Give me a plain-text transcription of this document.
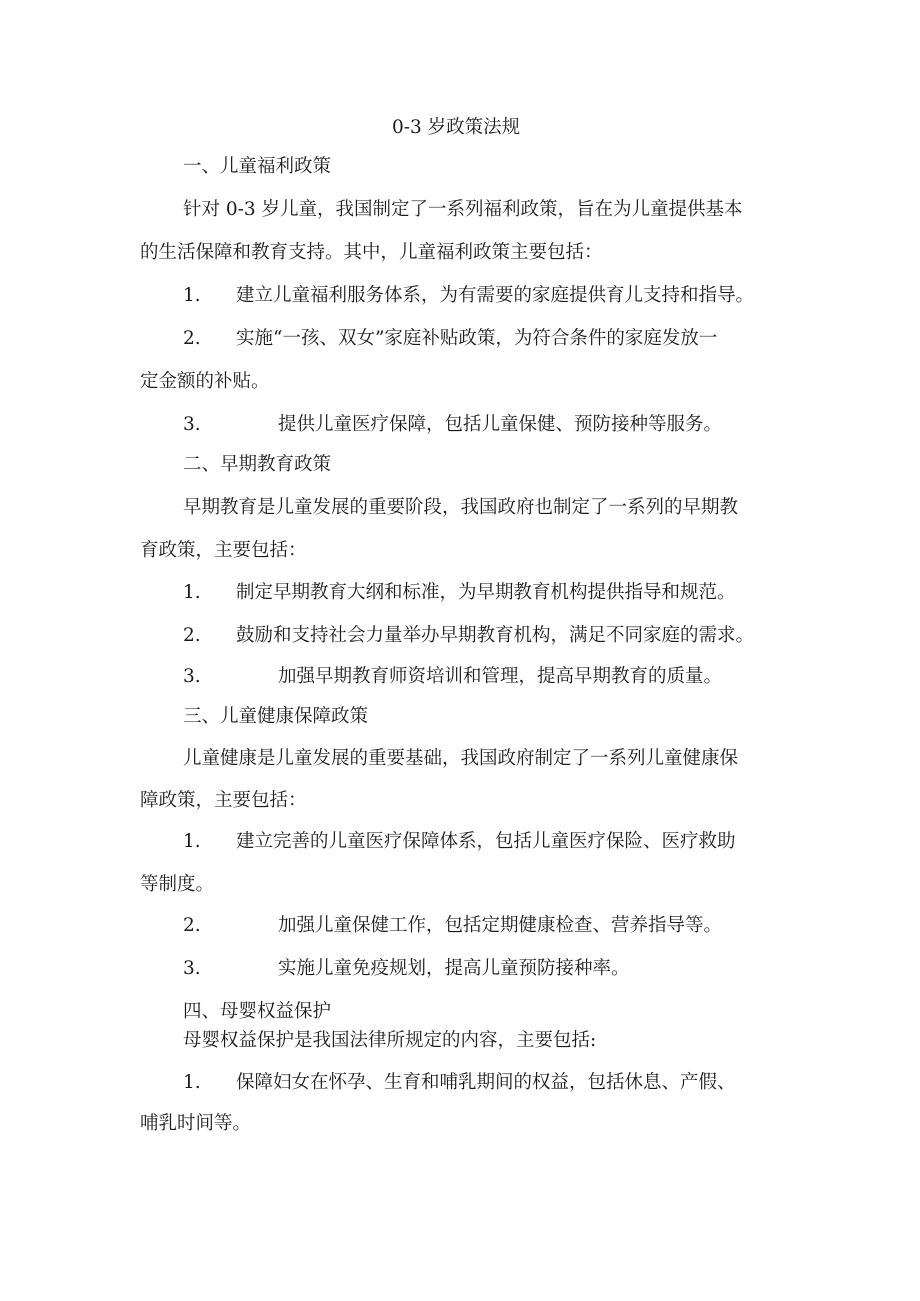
0-3 岁政策法规
一、儿童福利政策
针对 0-3 岁儿童，我国制定了一系列福利政策，旨在为儿童提供基本
的生活保障和教育支持。其中，儿童福利政策主要包括：
1. 建立儿童福利服务体系，为有需要的家庭提供育儿支持和指导。
2. 实施“一孩、双女”家庭补贴政策，为符合条件的家庭发放一
定金额的补贴。
3.	提供儿童医疗保障，包括儿童保健、预防接种等服务。
二、早期教育政策
早期教育是儿童发展的重要阶段，我国政府也制定了一系列的早期教
育政策，主要包括：
1. 制定早期教育大纲和标准，为早期教育机构提供指导和规范。
2. 鼓励和支持社会力量举办早期教育机构，满足不同家庭的需求。
3.	加强早期教育师资培训和管理，提高早期教育的质量。
三、儿童健康保障政策
儿童健康是儿童发展的重要基础，我国政府制定了一系列儿童健康保
障政策，主要包括：
1. 建立完善的儿童医疗保障体系，包括儿童医疗保险、医疗救助
等制度。
2.	加强儿童保健工作，包括定期健康检查、营养指导等。
3.	实施儿童免疫规划，提高儿童预防接种率。
四、母婴权益保护
母婴权益保护是我国法律所规定的内容，主要包括:
1. 保障妇女在怀孕、生育和哺乳期间的权益，包括休息、产假、
哺乳时间等。
